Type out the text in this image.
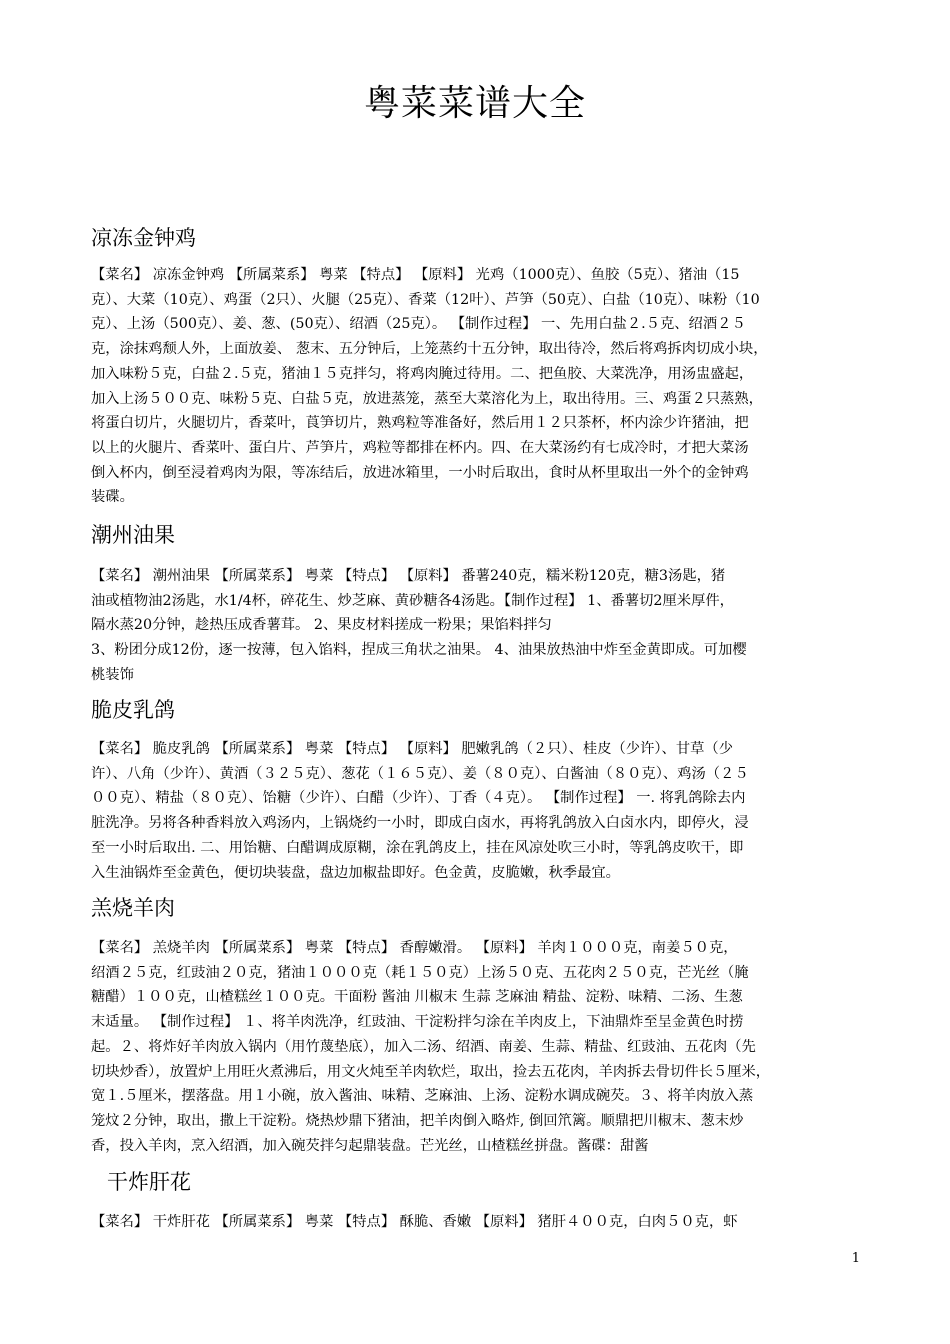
粤菜菜谱大全
凉冻金钟鸡
【菜名】 凉冻金钟鸡 【所属菜系】 粤菜 【特点】 【原料】 光鸡（1000克）、鱼胶（5克）、猪油（15
克）、大菜（10克）、鸡蛋（2只）、火腿（25克）、香菜（12叶）、芦笋（50克）、白盐（10克）、味粉（10
克）、上汤（500克）、姜、葱、(50克）、绍酒（25克）。 【制作过程】 一、先用白盐２.５克、绍酒２５
克，涂抹鸡颓人外，上面放姜、 葱末、五分钟后，上笼蒸约十五分钟，取出待冷，然后将鸡拆肉切成小块，
加入味粉５克，白盐２.５克，猪油１５克拌匀，将鸡肉腌过待用。二、把鱼胶、大菜洗净，用汤盅盛起，
加入上汤５００克、味粉５克、白盐５克，放进蒸笼，蒸至大菜溶化为上，取出待用。三、鸡蛋２只蒸熟，
将蛋白切片，火腿切片，香菜叶，莨笋切片，熟鸡粒等准备好，然后用１２只茶杯，杯内涂少许猪油，把
以上的火腿片、香菜叶、蛋白片、芦笋片，鸡粒等都排在杯内。四、在大菜汤约有七成冷时，才把大菜汤
倒入杯内，倒至浸着鸡肉为限，等冻结后，放进冰箱里，一小时后取出，食时从杯里取出一外个的金钟鸡
装碟。
潮州油果
【菜名】 潮州油果 【所属菜系】 粤菜 【特点】 【原料】 番薯240克，糯米粉120克，糖3汤匙，猪
油或植物油2汤匙，水1/4杯，碎花生、炒芝麻、黄砂糖各4汤匙。【制作过程】 1、番薯切2厘米厚件，
隔水蒸20分钟，趁热压成香薯茸。 2、果皮材料搓成一粉果；果馅料拌匀
3、粉团分成12份，逐一按薄，包入馅料，捏成三角状之油果。 4、油果放热油中炸至金黄即成。可加樱
桃装饰
脆皮乳鸽
【菜名】 脆皮乳鸽 【所属菜系】 粤菜 【特点】 【原料】 肥嫩乳鸽（２只）、桂皮（少许）、甘草（少
许）、八角（少许）、黄酒（３２５克）、葱花（１６５克）、姜（８０克）、白酱油（８０克）、鸡汤（２５
００克）、精盐（８０克）、饴糖（少许）、白醋（少许）、丁香（４克）。 【制作过程】 一. 将乳鸽除去内
脏洗净。另将各种香料放入鸡汤内，上锅烧约一小时，即成白卤水，再将乳鸽放入白卤水内，即停火，浸
至一小时后取出. 二、用饴糖、白醋调成原糊，涂在乳鸽皮上，挂在风凉处吹三小时，等乳鸽皮吹干，即
入生油锅炸至金黄色，便切块装盘，盘边加椒盐即好。色金黄，皮脆嫩，秋季最宜。
羔烧羊肉
【菜名】 羔烧羊肉 【所属菜系】 粤菜 【特点】 香醇嫩滑。 【原料】 羊肉１０００克，南姜５０克，
绍酒２５克，红豉油２０克，猪油１０００克（耗１５０克）上汤５０克、五花肉２５０克，芒光丝（腌
糖醋）１００克，山楂糕丝１００克。干面粉 酱油 川椒末 生蒜 芝麻油 精盐、淀粉、味精、二汤、生葱
末适量。 【制作过程】 １、将羊肉洗净，红豉油、干淀粉拌匀涂在羊肉皮上，下油鼎炸至呈金黄色时捞
起。２、将炸好羊肉放入锅内（用竹蔑垫底），加入二汤、绍酒、南姜、生蒜、精盐、红豉油、五花肉（先
切块炒香），放置炉上用旺火煮沸后，用文火炖至羊肉软烂，取出，捡去五花肉，羊肉拆去骨切件长５厘米，
宽１.５厘米，摆落盘。用１小碗，放入酱油、味精、芝麻油、上汤、淀粉水调成碗芡。３、将羊肉放入蒸
笼炆２分钟，取出，撒上干淀粉。烧热炒鼎下猪油，把羊肉倒入略炸, 倒回笊篱。顺鼎把川椒末、葱末炒
香，投入羊肉，烹入绍酒，加入碗芡拌匀起鼎装盘。芒光丝，山楂糕丝拼盘。酱碟：甜酱
干炸肝花
【菜名】 干炸肝花 【所属菜系】 粤菜 【特点】 酥脆、香嫩 【原料】 猪肝４００克，白肉５０克，虾
1
